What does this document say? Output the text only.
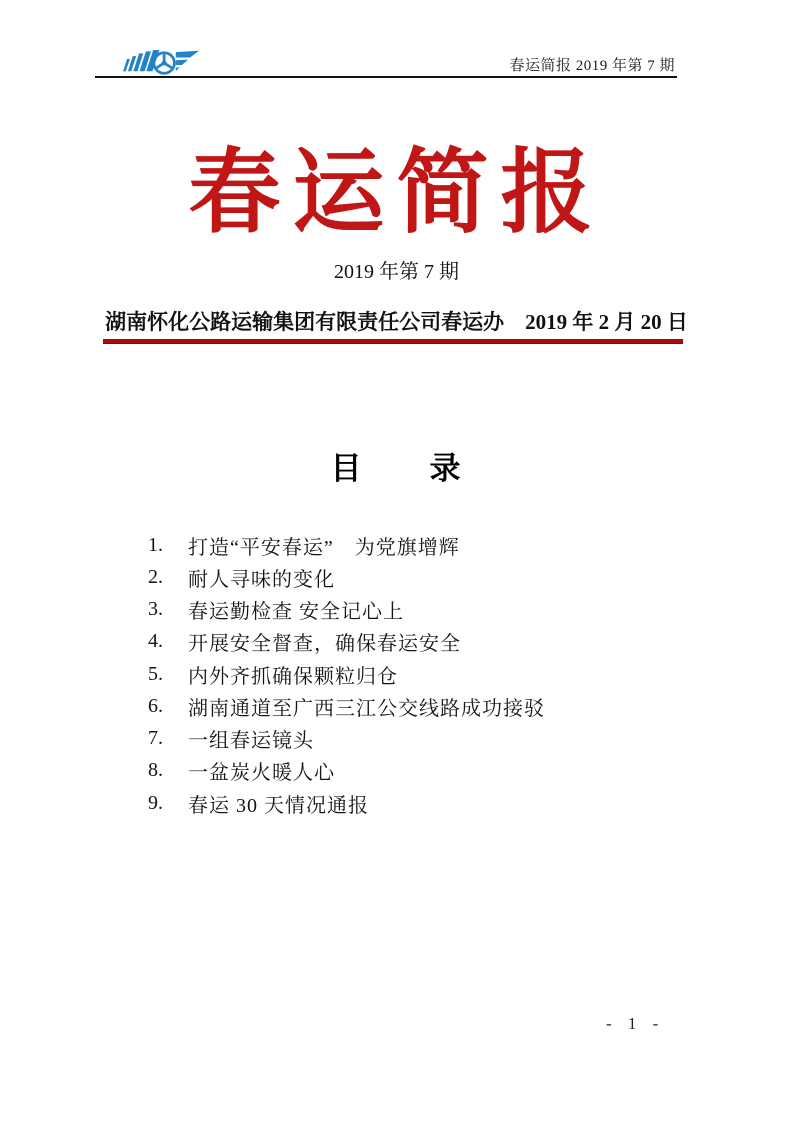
春运简报 2019 年第 7 期
春运简报
2019 年第 7 期
湖南怀化公路运输集团有限责任公司春运办　2019 年 2 月 20 日
目　　录
1.	打造“平安春运”　为党旗增辉
2.	耐人寻味的变化
3.	春运勤检查 安全记心上
4.	开展安全督查，确保春运安全
5.	内外齐抓确保颗粒归仓
6.	湖南通道至广西三江公交线路成功接驳
7.	一组春运镜头
8.	一盆炭火暖人心
9.	春运 30 天情况通报
- 1 -
